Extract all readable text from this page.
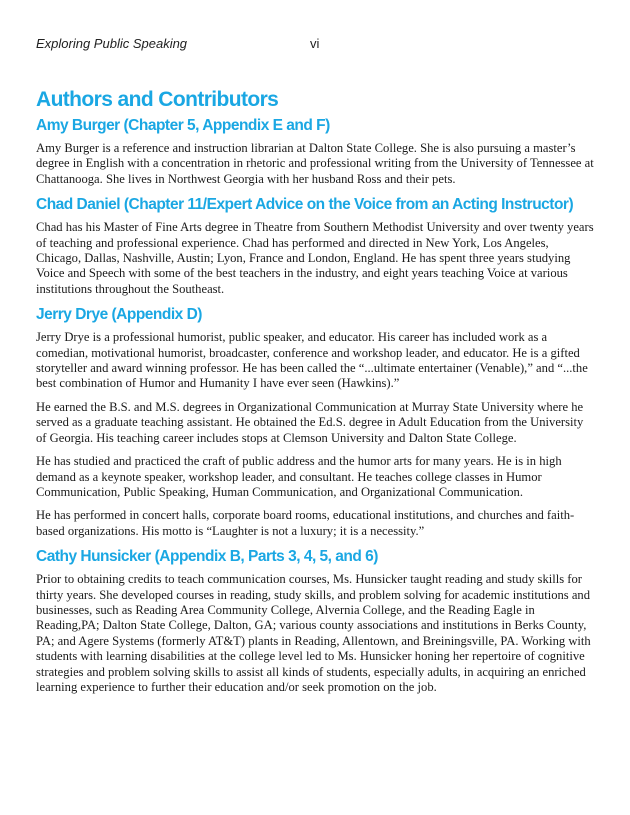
Exploring Public Speaking	vi
Authors and Contributors
Amy Burger (Chapter 5, Appendix E and F)

Amy Burger is a reference and instruction librarian at Dalton State College. She is also pursuing a master’s degree in English with a concentration in rhetoric and professional writing from the University of Tennessee at Chattanooga. She lives in Northwest Georgia with her husband Ross and their pets.

Chad Daniel (Chapter 11/Expert Advice on the Voice from an Acting Instructor)

Chad has his Master of Fine Arts degree in Theatre from Southern Methodist University and over twenty years of teaching and professional experience. Chad has performed and directed in New York, Los Angeles, Chicago, Dallas, Nashville, Austin; Lyon, France and London, England. He has spent three years studying Voice and Speech with some of the best teachers in the industry, and eight years teaching Voice at various institutions throughout the Southeast.

Jerry Drye (Appendix D)

Jerry Drye is a professional humorist, public speaker, and educator. His career has included work as a comedian, motivational humorist, broadcaster, conference and workshop leader, and educator. He is a gifted storyteller and award winning professor. He has been called the “...ultimate entertainer (Venable),” and “...the best combination of Humor and Humanity I have ever seen (Hawkins).”

He earned the B.S. and M.S. degrees in Organizational Communication at Murray State University where he served as a graduate teaching assistant. He obtained the Ed.S. degree in Adult Education from the University of Georgia. His teaching career includes stops at Clemson University and Dalton State College.

He has studied and practiced the craft of public address and the humor arts for many years. He is in high demand as a keynote speaker, workshop leader, and consultant. He teaches college classes in Humor Communication, Public Speaking, Human Communication, and Organizational Communication.

He has performed in concert halls, corporate board rooms, educational institutions, and churches and faith-based organizations. His motto is “Laughter is not a luxury; it is a necessity.”

Cathy Hunsicker (Appendix B, Parts 3, 4, 5, and 6)

Prior to obtaining credits to teach communication courses, Ms. Hunsicker taught reading and study skills for thirty years. She developed courses in reading, study skills, and problem solving for academic institutions and businesses, such as Reading Area Community College, Alvernia College, and the Reading Eagle in Reading,PA; Dalton State College, Dalton, GA; various county associations and institutions in Berks County, PA; and Agere Systems (formerly AT&T) plants in Reading, Allentown, and Breiningsville, PA. Working with students with learning disabilities at the college level led to Ms. Hunsicker honing her repertoire of cognitive strategies and problem solving skills to assist all kinds of students, especially adults, in acquiring an enriched learning experience to further their education and/or seek promotion on the job.
